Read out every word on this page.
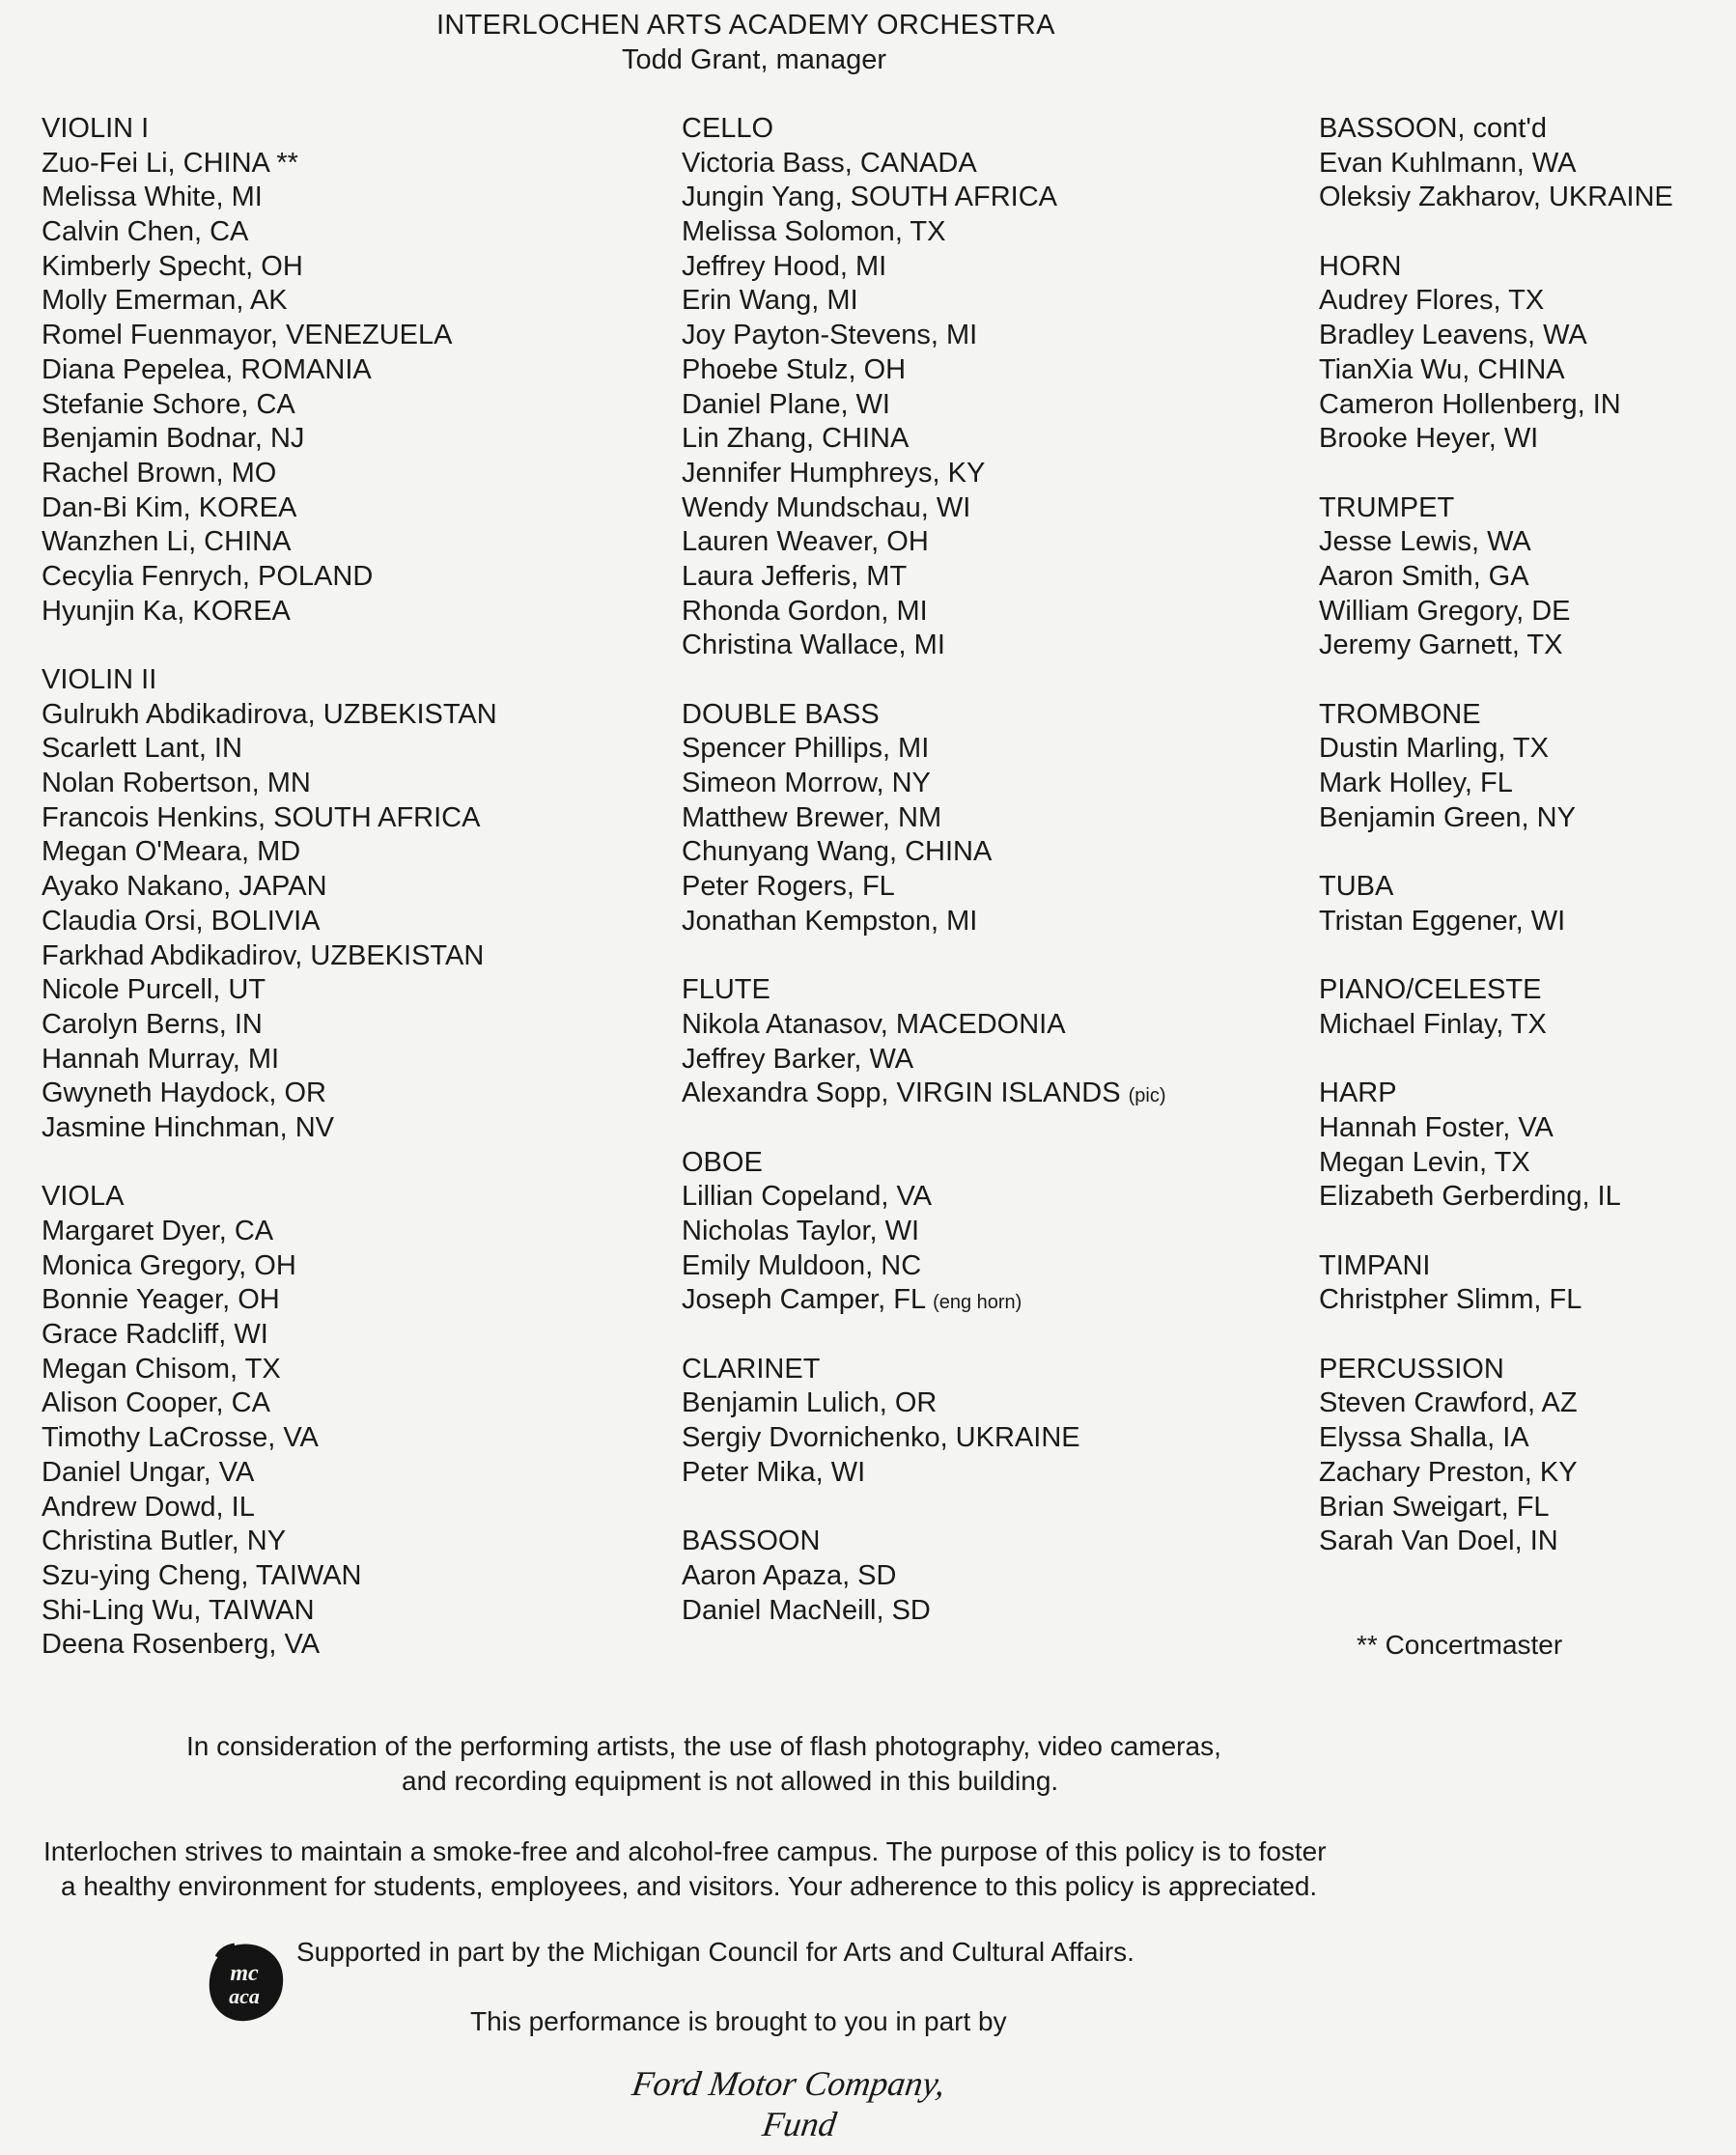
INTERLOCHEN ARTS ACADEMY ORCHESTRA
Todd Grant, manager
VIOLIN I
Zuo-Fei Li, CHINA **
Melissa White, MI
Calvin Chen, CA
Kimberly Specht, OH
Molly Emerman, AK
Romel Fuenmayor, VENEZUELA
Diana Pepelea, ROMANIA
Stefanie Schore, CA
Benjamin Bodnar, NJ
Rachel Brown, MO
Dan-Bi Kim, KOREA
Wanzhen Li, CHINA
Cecylia Fenrych, POLAND
Hyunjin Ka, KOREA
VIOLIN II
Gulrukh Abdikadirova, UZBEKISTAN
Scarlett Lant, IN
Nolan Robertson, MN
Francois Henkins, SOUTH AFRICA
Megan O'Meara, MD
Ayako Nakano, JAPAN
Claudia Orsi, BOLIVIA
Farkhad Abdikadirov, UZBEKISTAN
Nicole Purcell, UT
Carolyn Berns, IN
Hannah Murray, MI
Gwyneth Haydock, OR
Jasmine Hinchman, NV
VIOLA
Margaret Dyer, CA
Monica Gregory, OH
Bonnie Yeager, OH
Grace Radcliff, WI
Megan Chisom, TX
Alison Cooper, CA
Timothy LaCrosse, VA
Daniel Ungar, VA
Andrew Dowd, IL
Christina Butler, NY
Szu-ying Cheng, TAIWAN
Shi-Ling Wu, TAIWAN
Deena Rosenberg, VA
CELLO
Victoria Bass, CANADA
Jungin Yang, SOUTH AFRICA
Melissa Solomon, TX
Jeffrey Hood, MI
Erin Wang, MI
Joy Payton-Stevens, MI
Phoebe Stulz, OH
Daniel Plane, WI
Lin Zhang, CHINA
Jennifer Humphreys, KY
Wendy Mundschau, WI
Lauren Weaver, OH
Laura Jefferis, MT
Rhonda Gordon, MI
Christina Wallace, MI
DOUBLE BASS
Spencer Phillips, MI
Simeon Morrow, NY
Matthew Brewer, NM
Chunyang Wang, CHINA
Peter Rogers, FL
Jonathan Kempston, MI
FLUTE
Nikola Atanasov, MACEDONIA
Jeffrey Barker, WA
Alexandra Sopp, VIRGIN ISLANDS (pic)
OBOE
Lillian Copeland, VA
Nicholas Taylor, WI
Emily Muldoon, NC
Joseph Camper, FL (eng horn)
CLARINET
Benjamin Lulich, OR
Sergiy Dvornichenko, UKRAINE
Peter Mika, WI
BASSOON
Aaron Apaza, SD
Daniel MacNeill, SD
BASSOON, cont'd
Evan Kuhlmann, WA
Oleksiy Zakharov, UKRAINE
HORN
Audrey Flores, TX
Bradley Leavens, WA
TianXia Wu, CHINA
Cameron Hollenberg, IN
Brooke Heyer, WI
TRUMPET
Jesse Lewis, WA
Aaron Smith, GA
William Gregory, DE
Jeremy Garnett, TX
TROMBONE
Dustin Marling, TX
Mark Holley, FL
Benjamin Green, NY
TUBA
Tristan Eggener, WI
PIANO/CELESTE
Michael Finlay, TX
HARP
Hannah Foster, VA
Megan Levin, TX
Elizabeth Gerberding, IL
TIMPANI
Christpher Slimm, FL
PERCUSSION
Steven Crawford, AZ
Elyssa Shalla, IA
Zachary Preston, KY
Brian Sweigart, FL
Sarah Van Doel, IN
** Concertmaster
In consideration of the performing artists, the use of flash photography, video cameras,
and recording equipment is not allowed in this building.
Interlochen strives to maintain a smoke-free and alcohol-free campus. The purpose of this policy is to foster
a healthy environment for students, employees, and visitors. Your adherence to this policy is appreciated.
mc
aca
Supported in part by the Michigan Council for Arts and Cultural Affairs.
This performance is brought to you in part by
Ford Motor Company,
Fund
